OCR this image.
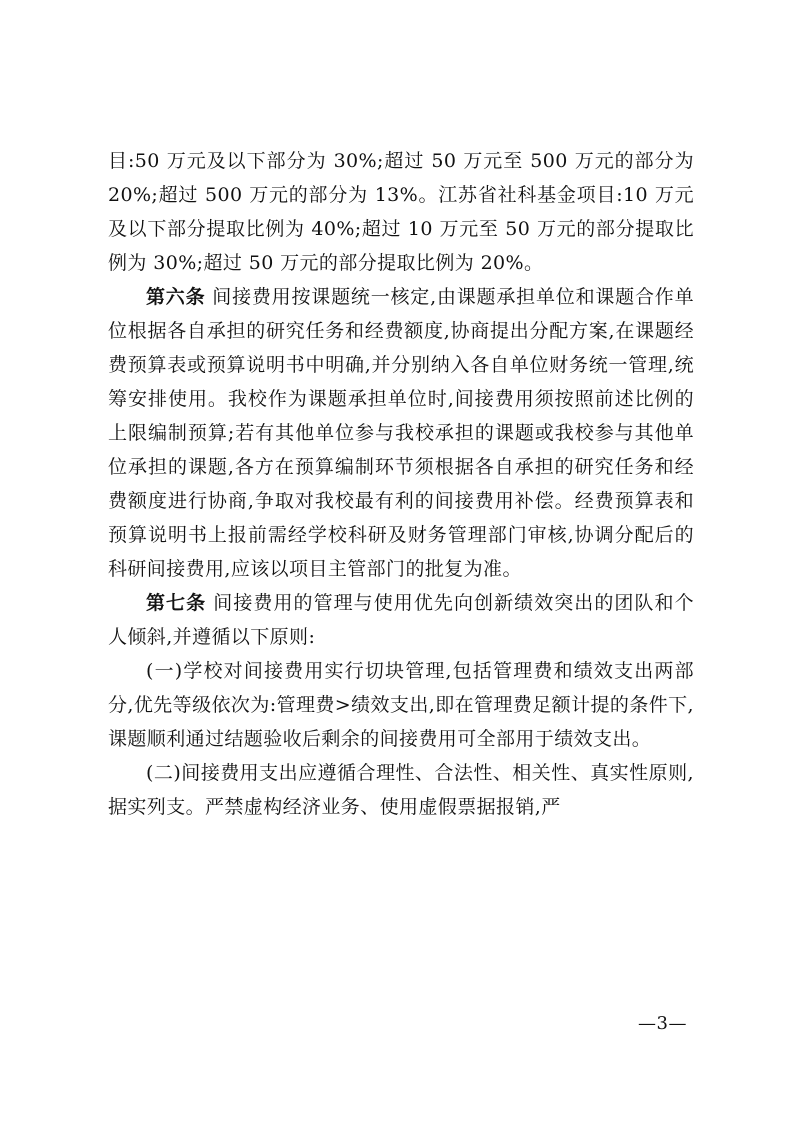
目:50 万元及以下部分为 30%;超过 50 万元至 500 万元的部分为 20%;超过 500 万元的部分为 13%。江苏省社科基金项目:10 万元及以下部分提取比例为 40%;超过 10 万元至 50 万元的部分提取比例为 30%;超过 50 万元的部分提取比例为 20%。

第六条 间接费用按课题统一核定,由课题承担单位和课题合作单位根据各自承担的研究任务和经费额度,协商提出分配方案,在课题经费预算表或预算说明书中明确,并分别纳入各自单位财务统一管理,统筹安排使用。我校作为课题承担单位时,间接费用须按照前述比例的上限编制预算;若有其他单位参与我校承担的课题或我校参与其他单位承担的课题,各方在预算编制环节须根据各自承担的研究任务和经费额度进行协商,争取对我校最有利的间接费用补偿。经费预算表和预算说明书上报前需经学校科研及财务管理部门审核,协调分配后的科研间接费用,应该以项目主管部门的批复为准。

第七条 间接费用的管理与使用优先向创新绩效突出的团队和个人倾斜,并遵循以下原则:

(一)学校对间接费用实行切块管理,包括管理费和绩效支出两部分,优先等级依次为:管理费>绩效支出,即在管理费足额计提的条件下,课题顺利通过结题验收后剩余的间接费用可全部用于绩效支出。

(二)间接费用支出应遵循合理性、合法性、相关性、真实性原则,据实列支。严禁虚构经济业务、使用虚假票据报销,严

—3—
